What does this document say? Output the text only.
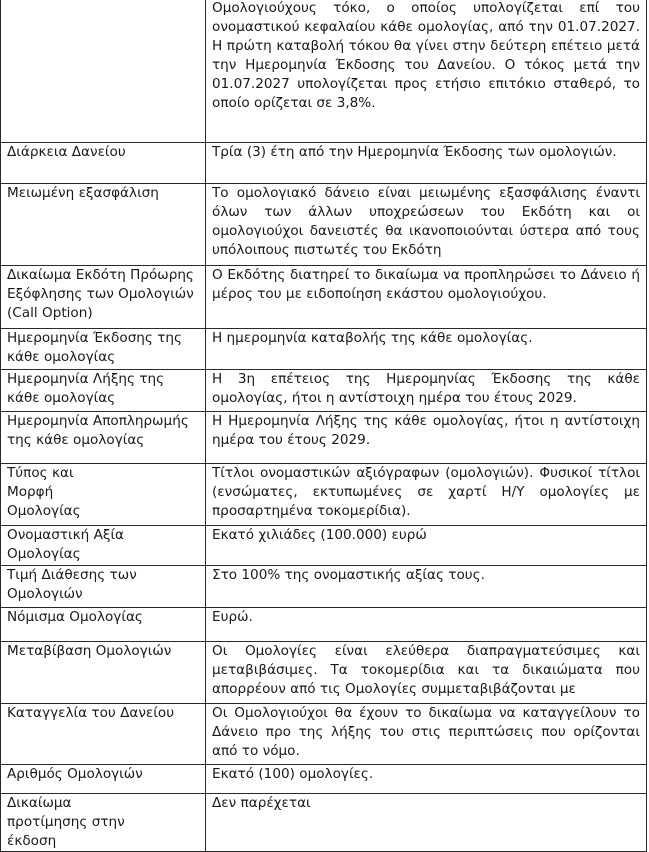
	Ομολογιούχους τόκο, ο οποίος υπολογίζεται επί του ονομαστικού κεφαλαίου κάθε ομολογίας, από την 01.07.2027. Η πρώτη καταβολή τόκου θα γίνει στην δεύτερη επέτειο μετά την Ημερομηνία Έκδοσης του Δανείου. Ο τόκος μετά την 01.07.2027 υπολογίζεται προς ετήσιο επιτόκιο σταθερό, το οποίο ορίζεται σε 3,8%.
Διάρκεια Δανείου	Τρία (3) έτη από την Ημερομηνία Έκδοσης των ομολογιών.
Μειωμένη εξασφάλιση	Το ομολογιακό δάνειο είναι μειωμένης εξασφάλισης έναντι όλων των άλλων υποχρεώσεων του Εκδότη και οι ομολογιούχοι δανειστές θα ικανοποιούνται ύστερα από τους υπόλοιπους πιστωτές του Εκδότη
Δικαίωμα Εκδότη Πρόωρης Εξόφλησης των Ομολογιών (Call Option)	Ο Εκδότης διατηρεί το δικαίωμα να προπληρώσει το Δάνειο ή μέρος του με ειδοποίηση εκάστου ομολογιούχου.
Ημερομηνία Έκδοσης της κάθε ομολογίας	Η ημερομηνία καταβολής της κάθε ομολογίας.
Ημερομηνία Λήξης της κάθε ομολογίας	Η 3η επέτειος της Ημερομηνίας Έκδοσης της κάθε ομολογίας, ήτοι η αντίστοιχη ημέρα του έτους 2029.
Ημερομηνία Αποπληρωμής της κάθε ομολογίας	Η Ημερομηνία Λήξης της κάθε ομολογίας, ήτοι η αντίστοιχη ημέρα του έτους 2029.
Τύπος και Μορφή Ομολογίας	Τίτλοι ονομαστικών αξιόγραφων (ομολογιών). Φυσικοί τίτλοι (ενσώματες, εκτυπωμένες σε χαρτί Η/Υ ομολογίες με προσαρτημένα τοκομερίδια).
Ονομαστική Αξία Ομολογίας	Εκατό χιλιάδες (100.000) ευρώ
Τιμή Διάθεσης των Ομολογιών	Στο 100% της ονομαστικής αξίας τους.
Νόμισμα Ομολογίας	Ευρώ.
Μεταβίβαση Ομολογιών	Οι Ομολογίες είναι ελεύθερα διαπραγματεύσιμες και μεταβιβάσιμες. Τα τοκομερίδια και τα δικαιώματα που απορρέουν από τις Ομολογίες συμμεταβιβάζονται με

Καταγγελία του Δανείου	Οι Ομολογιούχοι θα έχουν το δικαίωμα να καταγγείλουν το Δάνειο προ της λήξης του στις περιπτώσεις που ορίζονται από το νόμο.
Αριθμός Ομολογιών	Εκατό (100) ομολογίες.
Δικαίωμα προτίμησης στην έκδοση	Δεν παρέχεται
